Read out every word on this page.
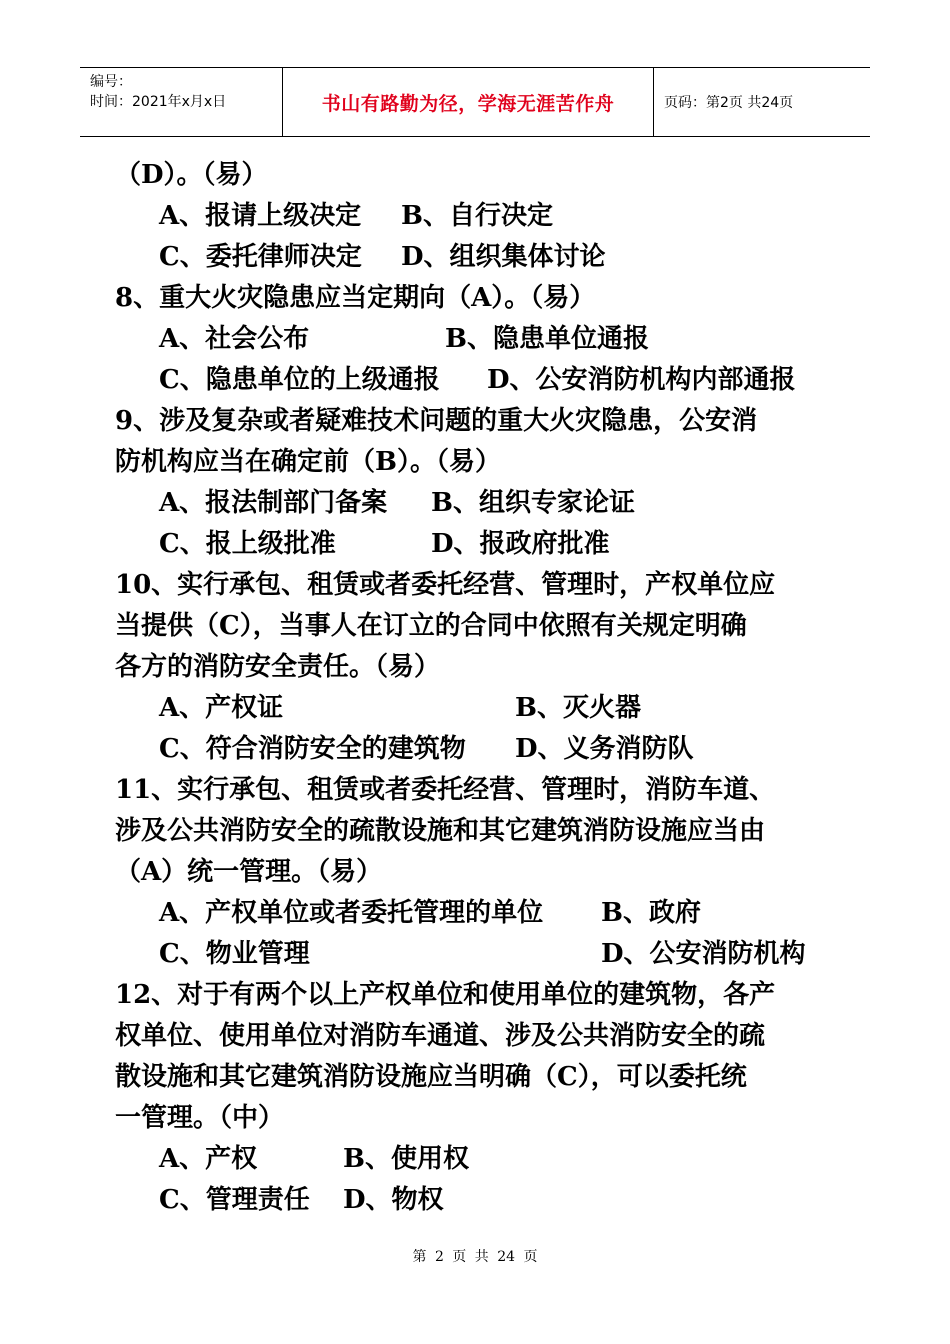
编号：
时间：2021年x月x日	书山有路勤为径，学海无涯苦作舟	页码：第2页 共24页
（D）。（易）
A、报请上级决定	B、自行决定
C、委托律师决定	D、组织集体讨论
8、重大火灾隐患应当定期向（A）。（易）
A、社会公布	B、隐患单位通报
C、隐患单位的上级通报	D、公安消防机构内部通报
9、涉及复杂或者疑难技术问题的重大火灾隐患，公安消
防机构应当在确定前（B）。（易）
A、报法制部门备案	B、组织专家论证
C、报上级批准	D、报政府批准
10、实行承包、租赁或者委托经营、管理时，产权单位应
当提供（C），当事人在订立的合同中依照有关规定明确
各方的消防安全责任。（易）
A、产权证	B、灭火器
C、符合消防安全的建筑物	D、义务消防队
11、实行承包、租赁或者委托经营、管理时，消防车道、
涉及公共消防安全的疏散设施和其它建筑消防设施应当由
（A）统一管理。（易）
A、产权单位或者委托管理的单位	B、政府
C、物业管理	D、公安消防机构
12、对于有两个以上产权单位和使用单位的建筑物，各产
权单位、使用单位对消防车通道、涉及公共消防安全的疏
散设施和其它建筑消防设施应当明确（C），可以委托统
一管理。（中）
A、产权	B、使用权
C、管理责任	D、物权
第 2 页 共 24 页
